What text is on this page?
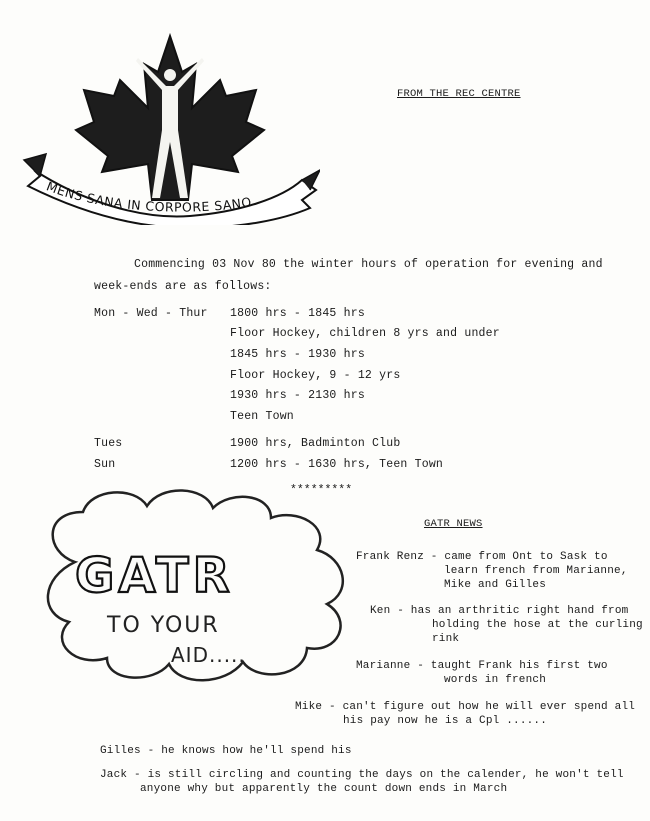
MENS SANA IN CORPORE SANO
FROM THE REC CENTRE
Commencing 03 Nov 80 the winter hours of operation for evening and
week-ends are as follows:
Mon - Wed - Thur 1800 hrs - 1845 hrs
Floor Hockey, children 8 yrs and under
1845 hrs - 1930 hrs
Floor Hockey, 9 - 12 yrs
1930 hrs - 2130 hrs
Teen Town
Tues	1900 hrs, Badminton Club
Sun	1200 hrs - 1630 hrs, Teen Town
*********
GATR
TO YOUR
AID.....
GATR NEWS
Frank Renz - came from Ont to Sask to
learn french from Marianne,
Mike and Gilles
Ken - has an arthritic right hand from
holding the hose at the curling
rink
Marianne - taught Frank his first two
words in french
Mike - can't figure out how he will ever spend all
his pay now he is a Cpl ......
Gilles - he knows how he'll spend his
Jack - is still circling and counting the days on the calender, he won't tell
anyone why but apparently the count down ends in March
